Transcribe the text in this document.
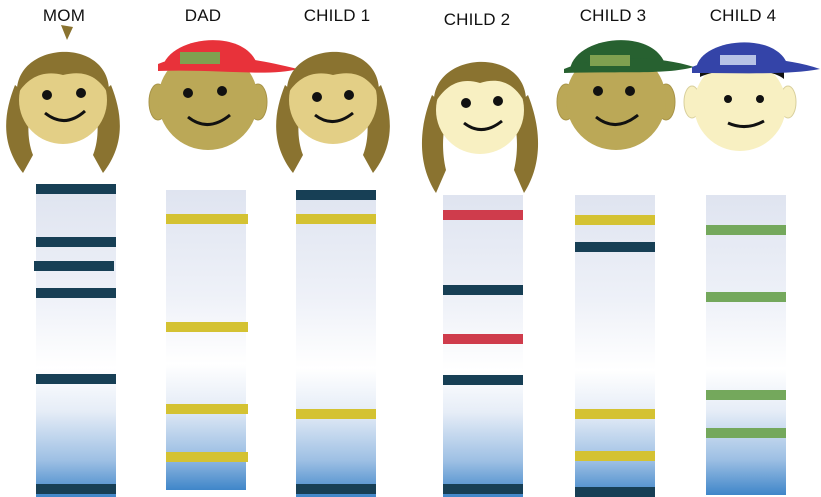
MOM	DAD	CHILD 1	CHILD 2	CHILD 3	CHILD 4
